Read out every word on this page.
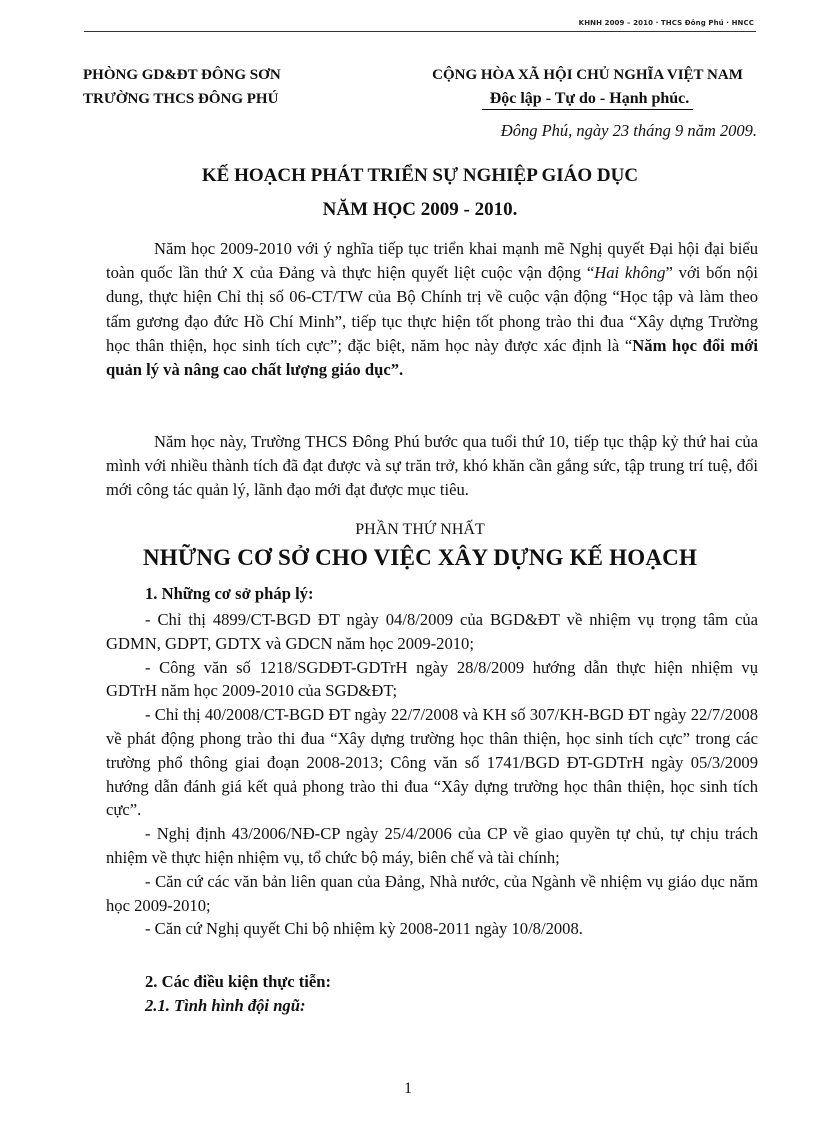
KHNH 2009 – 2010 · THCS Đông Phú · HNCC
PHÒNG GD&ĐT ĐÔNG SƠN
TRƯỜNG THCS ĐÔNG PHÚ
CỘNG HÒA XÃ HỘI CHỦ NGHĨA VIỆT NAM
Độc lập - Tự do - Hạnh phúc.
Đông Phú, ngày 23 tháng 9 năm 2009.
KẾ HOẠCH PHÁT TRIỂN SỰ NGHIỆP GIÁO DỤC
NĂM HỌC 2009 - 2010.

Năm học 2009-2010 với ý nghĩa tiếp tục triển khai mạnh mẽ Nghị quyết Đại hội đại biểu toàn quốc lần thứ X của Đảng và thực hiện quyết liệt cuộc vận động “Hai không” với bốn nội dung, thực hiện Chỉ thị số 06-CT/TW của Bộ Chính trị về cuộc vận động “Học tập và làm theo tấm gương đạo đức Hồ Chí Minh”, tiếp tục thực hiện tốt phong trào thi đua “Xây dựng Trường học thân thiện, học sinh tích cực”; đặc biệt, năm học này được xác định là “Năm học đổi mới quản lý và nâng cao chất lượng giáo dục”.

Năm học này, Trường THCS Đông Phú bước qua tuổi thứ 10, tiếp tục thập kỷ thứ hai của mình với nhiều thành tích đã đạt được và sự trăn trở, khó khăn cần gắng sức, tập trung trí tuệ, đổi mới công tác quản lý, lãnh đạo mới đạt được mục tiêu.

PHẦN THỨ NHẤT
NHỮNG CƠ SỞ CHO VIỆC XÂY DỰNG KẾ HOẠCH
1. Những cơ sở pháp lý:

- Chỉ thị 4899/CT-BGD ĐT ngày 04/8/2009 của BGD&ĐT về nhiệm vụ trọng tâm của GDMN, GDPT, GDTX và GDCN năm học 2009-2010;

- Công văn số 1218/SGDĐT-GDTrH ngày 28/8/2009 hướng dẫn thực hiện nhiệm vụ GDTrH năm học 2009-2010 của SGD&ĐT;

- Chỉ thị 40/2008/CT-BGD ĐT ngày 22/7/2008 và KH số 307/KH-BGD ĐT ngày 22/7/2008 về phát động phong trào thi đua “Xây dựng trường học thân thiện, học sinh tích cực” trong các trường phổ thông giai đoạn 2008-2013; Công văn số 1741/BGD ĐT-GDTrH ngày 05/3/2009 hướng dẫn đánh giá kết quả phong trào thi đua “Xây dựng trường học thân thiện, học sinh tích cực”.

- Nghị định 43/2006/NĐ-CP ngày 25/4/2006 của CP về giao quyền tự chủ, tự chịu trách nhiệm về thực hiện nhiệm vụ, tổ chức bộ máy, biên chế và tài chính;

- Căn cứ các văn bản liên quan của Đảng, Nhà nước, của Ngành về nhiệm vụ giáo dục năm học 2009-2010;

- Căn cứ Nghị quyết Chi bộ nhiệm kỳ 2008-2011 ngày 10/8/2008.

2. Các điều kiện thực tiễn:
2.1. Tình hình đội ngũ:
1
